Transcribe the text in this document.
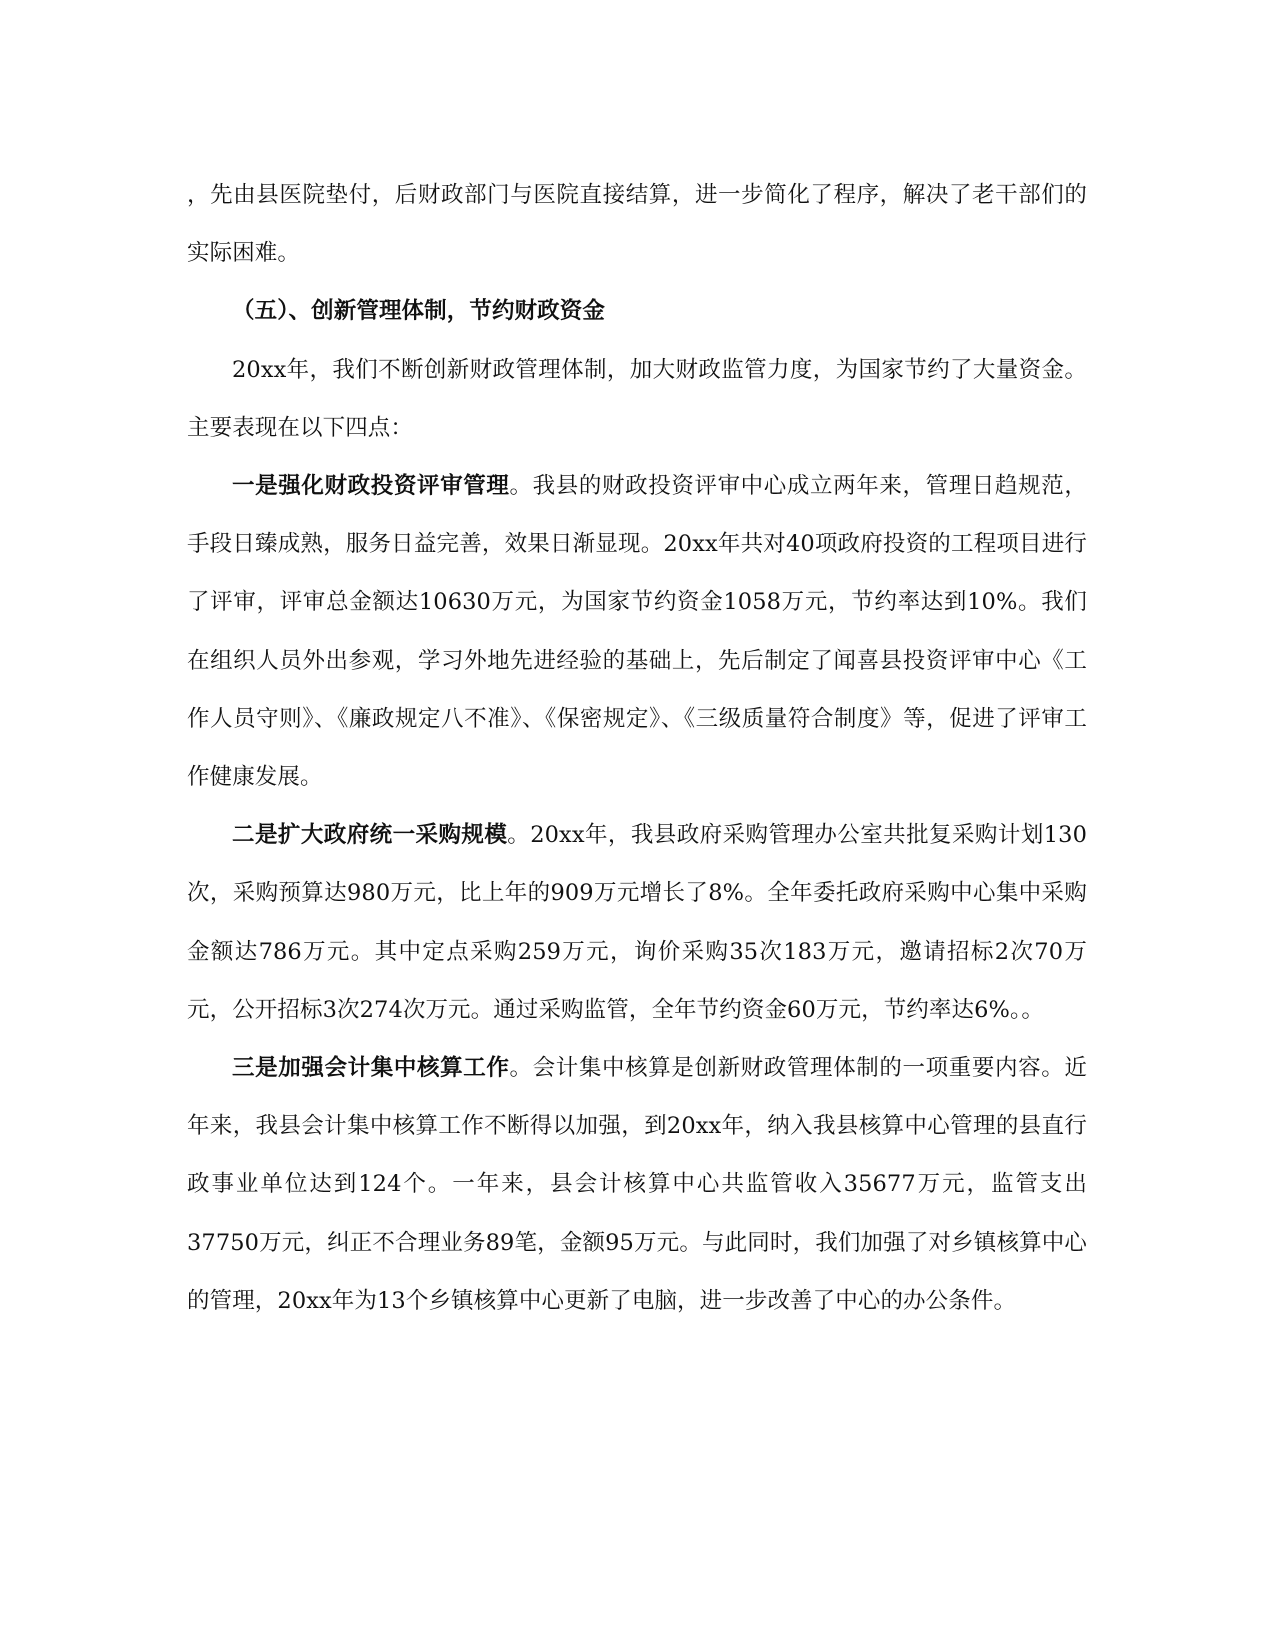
，先由县医院垫付，后财政部门与医院直接结算，进一步简化了程序，解决了老干部们的实际困难。

（五）、创新管理体制，节约财政资金

20xx年，我们不断创新财政管理体制，加大财政监管力度，为国家节约了大量资金。主要表现在以下四点：

一是强化财政投资评审管理。我县的财政投资评审中心成立两年来，管理日趋规范，手段日臻成熟，服务日益完善，效果日渐显现。20xx年共对40项政府投资的工程项目进行了评审，评审总金额达10630万元，为国家节约资金1058万元，节约率达到10%。我们在组织人员外出参观，学习外地先进经验的基础上，先后制定了闻喜县投资评审中心《工作人员守则》、《廉政规定八不准》、《保密规定》、《三级质量符合制度》等，促进了评审工作健康发展。

二是扩大政府统一采购规模。20xx年，我县政府采购管理办公室共批复采购计划130次，采购预算达980万元，比上年的909万元增长了8%。全年委托政府采购中心集中采购金额达786万元。其中定点采购259万元，询价采购35次183万元，邀请招标2次70万元，公开招标3次274次万元。通过采购监管，全年节约资金60万元，节约率达6%。。

三是加强会计集中核算工作。会计集中核算是创新财政管理体制的一项重要内容。近年来，我县会计集中核算工作不断得以加强，到20xx年，纳入我县核算中心管理的县直行政事业单位达到124个。一年来，县会计核算中心共监管收入35677万元，监管支出37750万元，纠正不合理业务89笔，金额95万元。与此同时，我们加强了对乡镇核算中心的管理，20xx年为13个乡镇核算中心更新了电脑，进一步改善了中心的办公条件。
